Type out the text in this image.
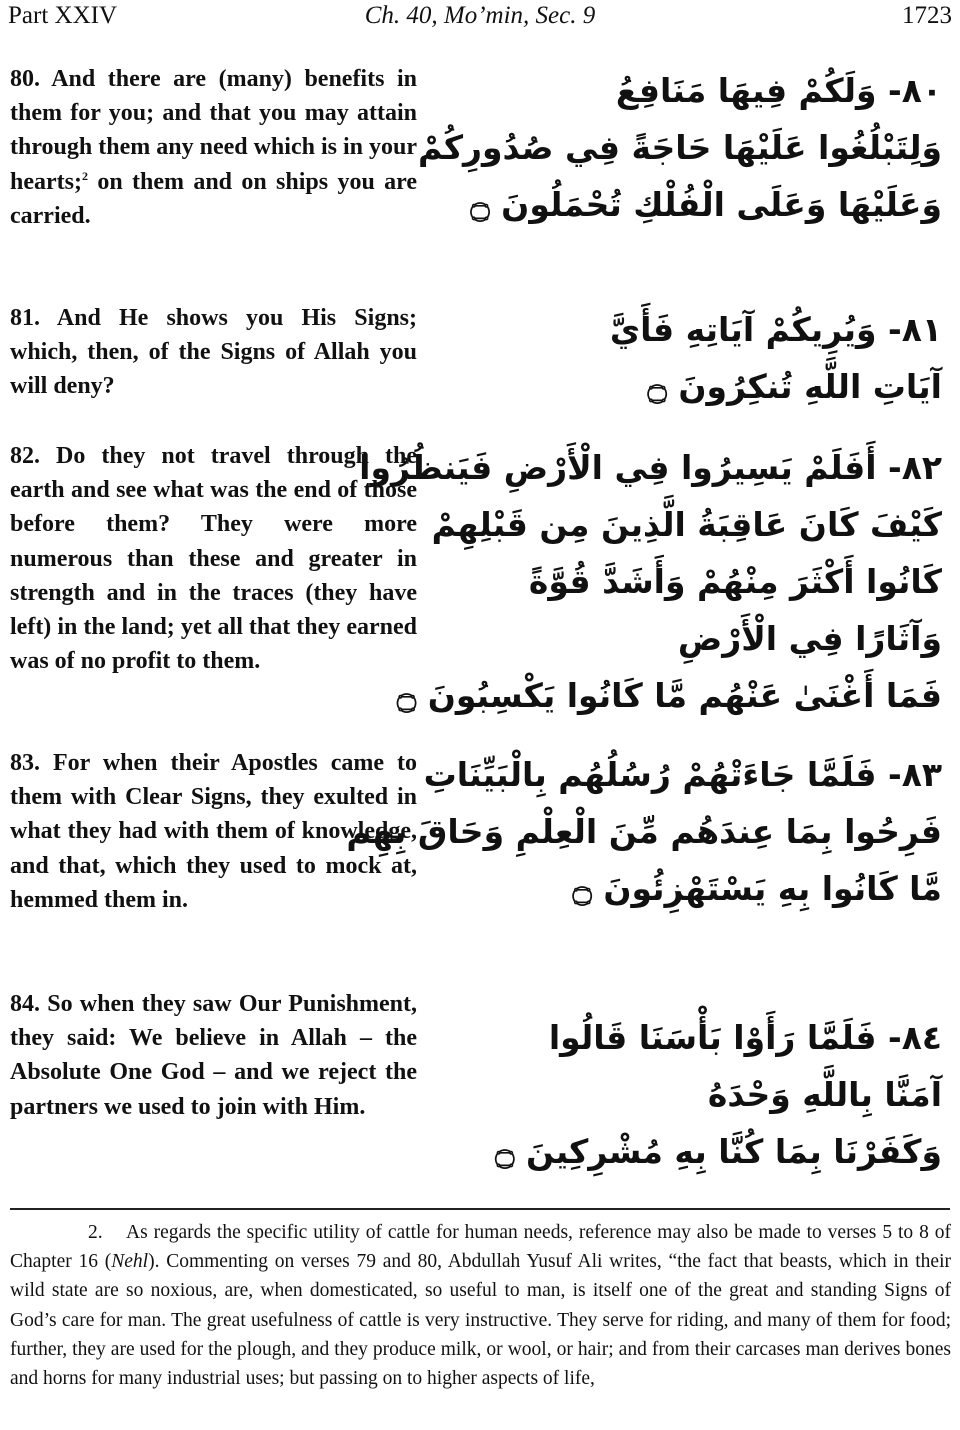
Part XXIV	Ch. 40, Mo’min, Sec. 9	1723
80. And there are (many) benefits in them for you; and that you may attain through them any need which is in your hearts;$^2$ on them and on ships you are carried.
٨٠- وَلَكُمْ فِيهَا مَنَافِعُ
وَلِتَبْلُغُوا عَلَيْهَا حَاجَةً فِي صُدُورِكُمْ
وَعَلَيْهَا وَعَلَى الْفُلْكِ تُحْمَلُونَ ۝
81. And He shows you His Signs; which, then, of the Signs of Allah you will deny?
٨١- وَيُرِيكُمْ آيَاتِهِ فَأَيَّ
آيَاتِ اللَّهِ تُنكِرُونَ ۝
82. Do they not travel through the earth and see what was the end of those before them? They were more numerous than these and greater in strength and in the traces (they have left) in the land; yet all that they earned was of no profit to them.
٨٢- أَفَلَمْ يَسِيرُوا فِي الْأَرْضِ فَيَنظُرُوا
كَيْفَ كَانَ عَاقِبَةُ الَّذِينَ مِن قَبْلِهِمْ
كَانُوا أَكْثَرَ مِنْهُمْ وَأَشَدَّ قُوَّةً
وَآثَارًا فِي الْأَرْضِ
فَمَا أَغْنَىٰ عَنْهُم مَّا كَانُوا يَكْسِبُونَ ۝
83. For when their Apostles came to them with Clear Signs, they exulted in what they had with them of knowledge, and that, which they used to mock at, hemmed them in.
٨٣- فَلَمَّا جَاءَتْهُمْ رُسُلُهُم بِالْبَيِّنَاتِ
فَرِحُوا بِمَا عِندَهُم مِّنَ الْعِلْمِ وَحَاقَ بِهِم
مَّا كَانُوا بِهِ يَسْتَهْزِئُونَ ۝
84. So when they saw Our Punishment, they said: We believe in Allah – the Absolute One God – and we reject the partners we used to join with Him.
٨٤- فَلَمَّا رَأَوْا بَأْسَنَا قَالُوا
آمَنَّا بِاللَّهِ وَحْدَهُ
وَكَفَرْنَا بِمَا كُنَّا بِهِ مُشْرِكِينَ ۝
2. As regards the specific utility of cattle for human needs, reference may also be made to verses 5 to 8 of Chapter 16 (Nehl). Commenting on verses 79 and 80, Abdullah Yusuf Ali writes, “the fact that beasts, which in their wild state are so noxious, are, when domesticated, so useful to man, is itself one of the great and standing Signs of God’s care for man. The great usefulness of cattle is very instructive. They serve for riding, and many of them for food; further, they are used for the plough, and they produce milk, or wool, or hair; and from their carcases man derives bones and horns for many industrial uses; but passing on to higher aspects of life,
